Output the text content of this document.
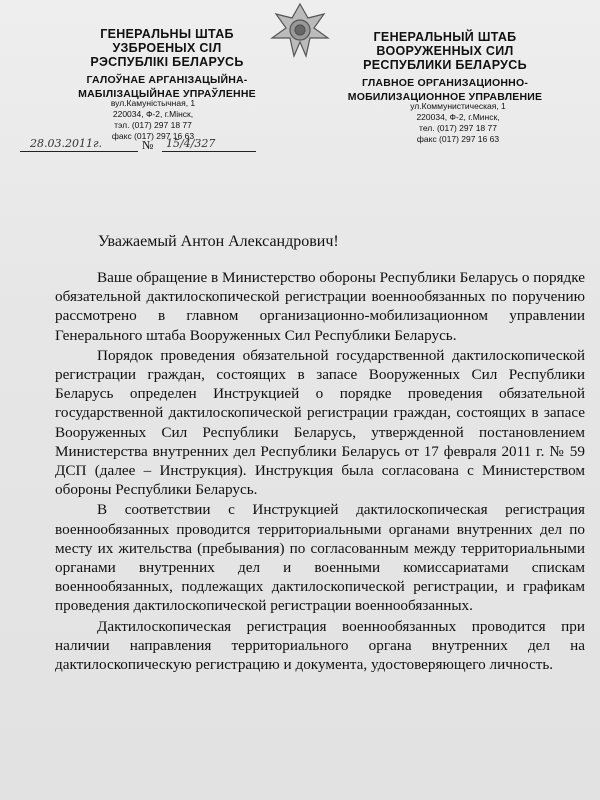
ГЕНЕРАЛЬНЫ ШТАБ
УЗБРОЕНЫХ СІЛ
РЭСПУБЛІКІ БЕЛАРУСЬ
ГАЛОЎНАЕ АРГАНІЗАЦЫЙНА-
МАБІЛІЗАЦЫЙНАЕ УПРАЎЛЕННЕ
ГЕНЕРАЛЬНЫЙ ШТАБ
ВООРУЖЕННЫХ СИЛ
РЕСПУБЛИКИ БЕЛАРУСЬ
ГЛАВНОЕ ОРГАНИЗАЦИОННО-
МОБИЛИЗАЦИОННОЕ УПРАВЛЕНИЕ
вул.Камуністычная, 1
220034, Ф-2, г.Мінск,
тэл. (017) 297 18 77
факс (017) 297 16 63
ул.Коммунистическая, 1
220034, Ф-2, г.Минск,
тел. (017) 297 18 77
факс (017) 297 16 63
28.03.2011г.	№ 15/4/327
Уважаемый Антон Александрович!

Ваше обращение в Министерство обороны Республики Беларусь о порядке обязательной дактилоскопической регистрации военнообязанных по поручению рассмотрено в главном организационно-мобилизационном управлении Генерального штаба Вооруженных Сил Республики Беларусь.

Порядок проведения обязательной государственной дактилоскопической регистрации граждан, состоящих в запасе Вооруженных Сил Республики Беларусь определен Инструкцией о порядке проведения обязательной государственной дактилоскопической регистрации граждан, состоящих в запасе Вооруженных Сил Республики Беларусь, утвержденной постановлением Министерства внутренних дел Республики Беларусь от 17 февраля 2011 г. № 59 ДСП (далее – Инструкция). Инструкция была согласована с Министерством обороны Республики Беларусь.

В соответствии с Инструкцией дактилоскопическая регистрация военнообязанных проводится территориальными органами внутренних дел по месту их жительства (пребывания) по согласованным между территориальными органами внутренних дел и военными комиссариатами спискам военнообязанных, подлежащих дактилоскопической регистрации, и графикам проведения дактилоскопической регистрации военнообязанных.

Дактилоскопическая регистрация военнообязанных проводится при наличии направления территориального органа внутренних дел на дактилоскопическую регистрацию и документа, удостоверяющего личность.
